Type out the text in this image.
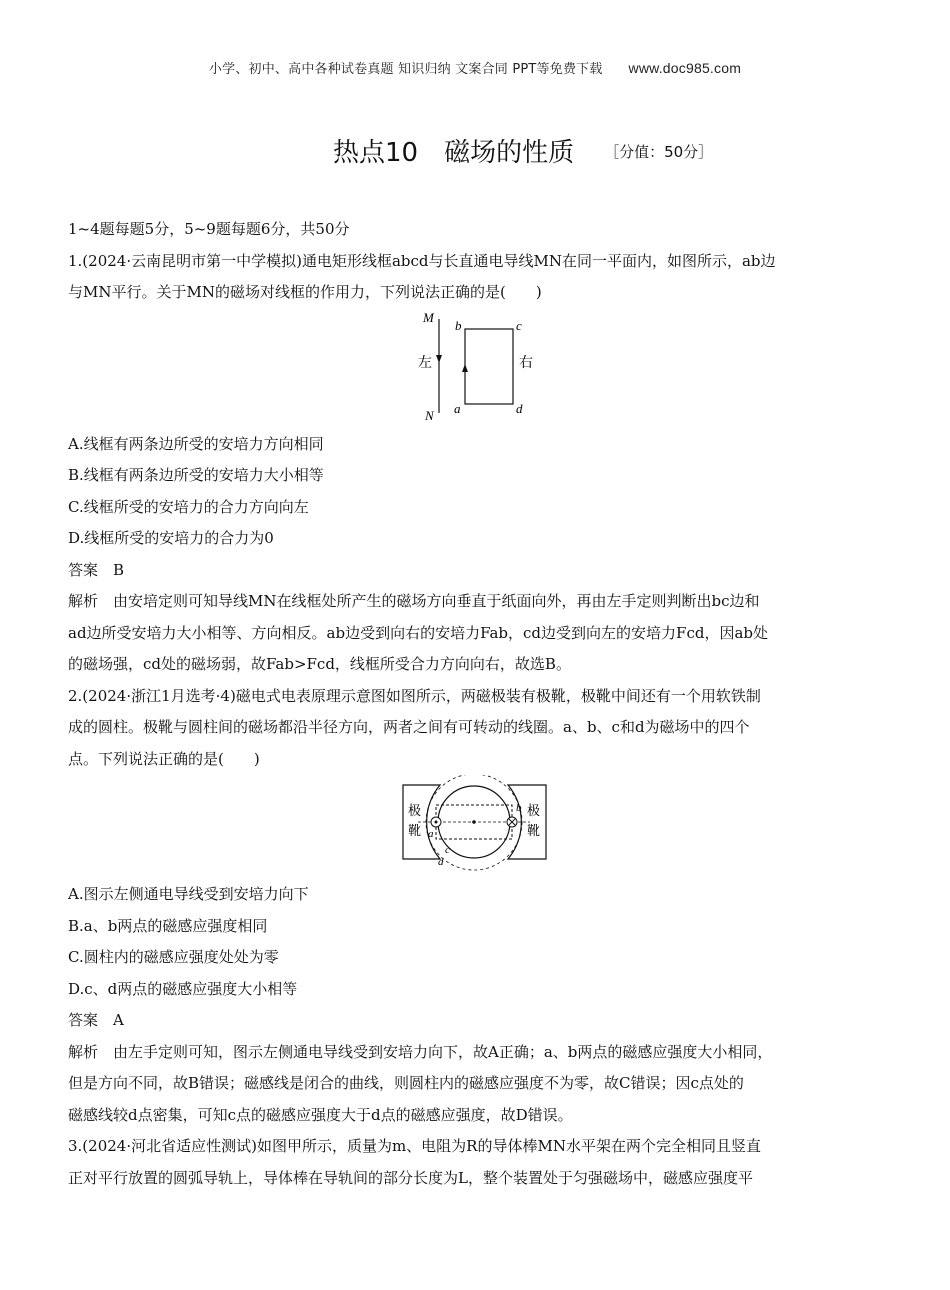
小学、初中、高中各种试卷真题 知识归纳 文案合同 PPT等免费下载 www.doc985.com
热点10　磁场的性质 ［分值：50分］
1~4题每题5分，5~9题每题6分，共50分
1.(2024·云南昆明市第一中学模拟)通电矩形线框abcd与长直通电导线MN在同一平面内，如图所示，ab边
与MN平行。关于MN的磁场对线框的作用力，下列说法正确的是(　　)
M
N
左
b	c
a	d
右
A.线框有两条边所受的安培力方向相同
B.线框有两条边所受的安培力大小相等
C.线框所受的安培力的合力方向向左
D.线框所受的安培力的合力为0
答案　B
解析　由安培定则可知导线MN在线框处所产生的磁场方向垂直于纸面向外，再由左手定则判断出bc边和
ad边所受安培力大小相等、方向相反。ab边受到向右的安培力Fab，cd边受到向左的安培力Fcd，因ab处
的磁场强，cd处的磁场弱，故Fab>Fcd，线框所受合力方向向右，故选B。
2.(2024·浙江1月选考·4)磁电式电表原理示意图如图所示，两磁极装有极靴，极靴中间还有一个用软铁制
成的圆柱。极靴与圆柱间的磁场都沿半径方向，两者之间有可转动的线圈。a、b、c和d为磁场中的四个
点。下列说法正确的是(　　)
极
靴
极
靴
a
b
c
d
A.图示左侧通电导线受到安培力向下
B.a、b两点的磁感应强度相同
C.圆柱内的磁感应强度处处为零
D.c、d两点的磁感应强度大小相等
答案　A
解析　由左手定则可知，图示左侧通电导线受到安培力向下，故A正确；a、b两点的磁感应强度大小相同，
但是方向不同，故B错误；磁感线是闭合的曲线，则圆柱内的磁感应强度不为零，故C错误；因c点处的
磁感线较d点密集，可知c点的磁感应强度大于d点的磁感应强度，故D错误。
3.(2024·河北省适应性测试)如图甲所示，质量为m、电阻为R的导体棒MN水平架在两个完全相同且竖直
正对平行放置的圆弧导轨上，导体棒在导轨间的部分长度为L，整个装置处于匀强磁场中，磁感应强度平
